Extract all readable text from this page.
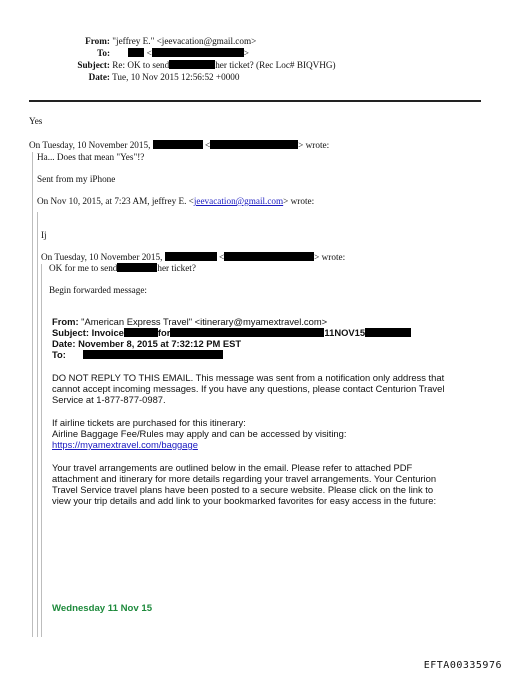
From: "jeffrey E." <jeevacation@gmail.com>
To:	<	>
Subject: Re: OK to send	her ticket? (Rec Loc# BIQVHG)
Date: Tue, 10 Nov 2015 12:56:52 +0000
Yes
On Tuesday, 10 November 2015,	<	> wrote:
Ha... Does that mean "Yes"!?
Sent from my iPhone
On Nov 10, 2015, at 7:23 AM, jeffrey E. <jeevacation@gmail.com> wrote:
Ij
On Tuesday, 10 November 2015,	<	> wrote:
OK for me to send	her ticket?
Begin forwarded message:
From: "American Express Travel" <itinerary@myamextravel.com>
Subject: Invoice	for	11NOV15
Date: November 8, 2015 at 7:32:12 PM EST
To:
DO NOT REPLY TO THIS EMAIL. This message was sent from a notification only address that
cannot accept incoming messages. If you have any questions, please contact Centurion Travel
Service at 1-877-877-0987.
If airline tickets are purchased for this itinerary:
Airline Baggage Fee/Rules may apply and can be accessed by visiting:
https://myamextravel.com/baggage
Your travel arrangements are outlined below in the email. Please refer to attached PDF
attachment and itinerary for more details regarding your travel arrangements. Your Centurion
Travel Service travel plans have been posted to a secure website. Please click on the link to
view your trip details and add link to your bookmarked favorites for easy access in the future:
Wednesday 11 Nov 15
EFTA00335976
